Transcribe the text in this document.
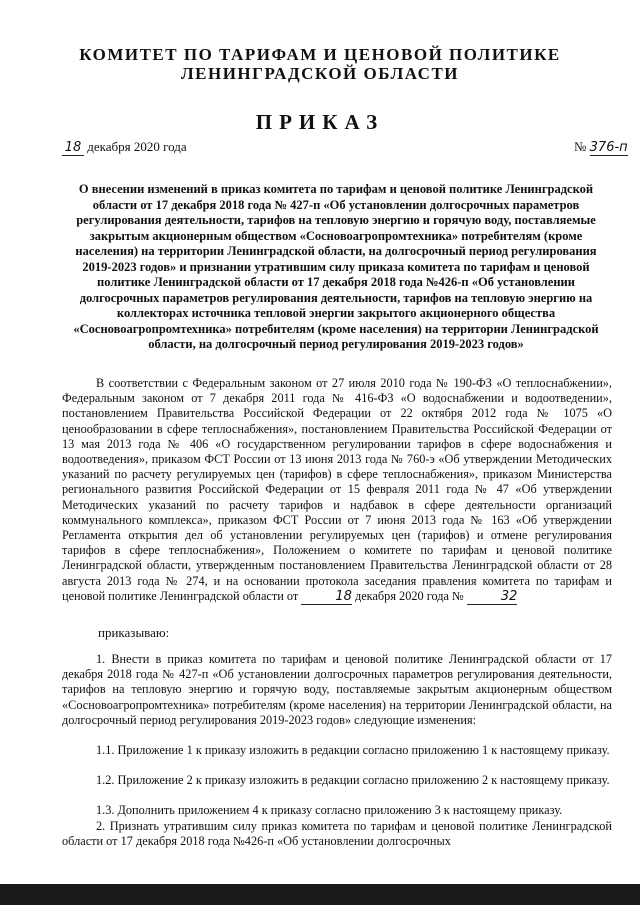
КОМИТЕТ ПО ТАРИФАМ И ЦЕНОВОЙ ПОЛИТИКЕ
ЛЕНИНГРАДСКОЙ ОБЛАСТИ
ПРИКАЗ
18 декабря 2020 года	№ 376-п
О внесении изменений в приказ комитета по тарифам и ценовой политике Ленинградской области от 17 декабря 2018 года № 427-п «Об установлении долгосрочных параметров регулирования деятельности, тарифов на тепловую энергию и горячую воду, поставляемые закрытым акционерным обществом «Сосновоагропромтехника» потребителям (кроме населения) на территории Ленинградской области, на долгосрочный период регулирования 2019-2023 годов» и признании утратившим силу приказа комитета по тарифам и ценовой политике Ленинградской области от 17 декабря 2018 года №426-п «Об установлении долгосрочных параметров регулирования деятельности, тарифов на тепловую энергию на коллекторах источника тепловой энергии закрытого акционерного общества «Сосновоагропромтехника» потребителям (кроме населения) на территории Ленинградской области, на долгосрочный период регулирования 2019-2023 годов»

В соответствии с Федеральным законом от 27 июля 2010 года № 190-ФЗ «О теплоснабжении», Федеральным законом от 7 декабря 2011 года № 416-ФЗ «О водоснабжении и водоотведении», постановлением Правительства Российской Федерации от 22 октября 2012 года № 1075 «О ценообразовании в сфере теплоснабжения», постановлением Правительства Российской Федерации от 13 мая 2013 года № 406 «О государственном регулировании тарифов в сфере водоснабжения и водоотведения», приказом ФСТ России от 13 июня 2013 года № 760-э «Об утверждении Методических указаний по расчету регулируемых цен (тарифов) в сфере теплоснабжения», приказом Министерства регионального развития Российской Федерации от 15 февраля 2011 года № 47 «Об утверждении Методических указаний по расчету тарифов и надбавок в сфере деятельности организаций коммунального комплекса», приказом ФСТ России от 7 июня 2013 года № 163 «Об утверждении Регламента открытия дел об установлении регулируемых цен (тарифов) и отмене регулирования тарифов в сфере теплоснабжения», Положением о комитете по тарифам и ценовой политике Ленинградской области, утвержденным постановлением Правительства Ленинградской области от 28 августа 2013 года № 274, и на основании протокола заседания правления комитета по тарифам и ценовой политике Ленинградской области от	18 декабря 2020 года №	32

приказываю:

1. Внести в приказ комитета по тарифам и ценовой политике Ленинградской области от 17 декабря 2018 года № 427-п «Об установлении долгосрочных параметров регулирования деятельности, тарифов на тепловую энергию и горячую воду, поставляемые закрытым акционерным обществом «Сосновоагропромтехника» потребителям (кроме населения) на территории Ленинградской области, на долгосрочный период регулирования 2019-2023 годов» следующие изменения:

1.1. Приложение 1 к приказу изложить в редакции согласно приложению 1 к настоящему приказу.

1.2. Приложение 2 к приказу изложить в редакции согласно приложению 2 к настоящему приказу.

1.3. Дополнить приложением 4 к приказу согласно приложению 3 к настоящему приказу.

2. Признать утратившим силу приказ комитета по тарифам и ценовой политике Ленинградской области от 17 декабря 2018 года №426-п «Об установлении долгосрочных
